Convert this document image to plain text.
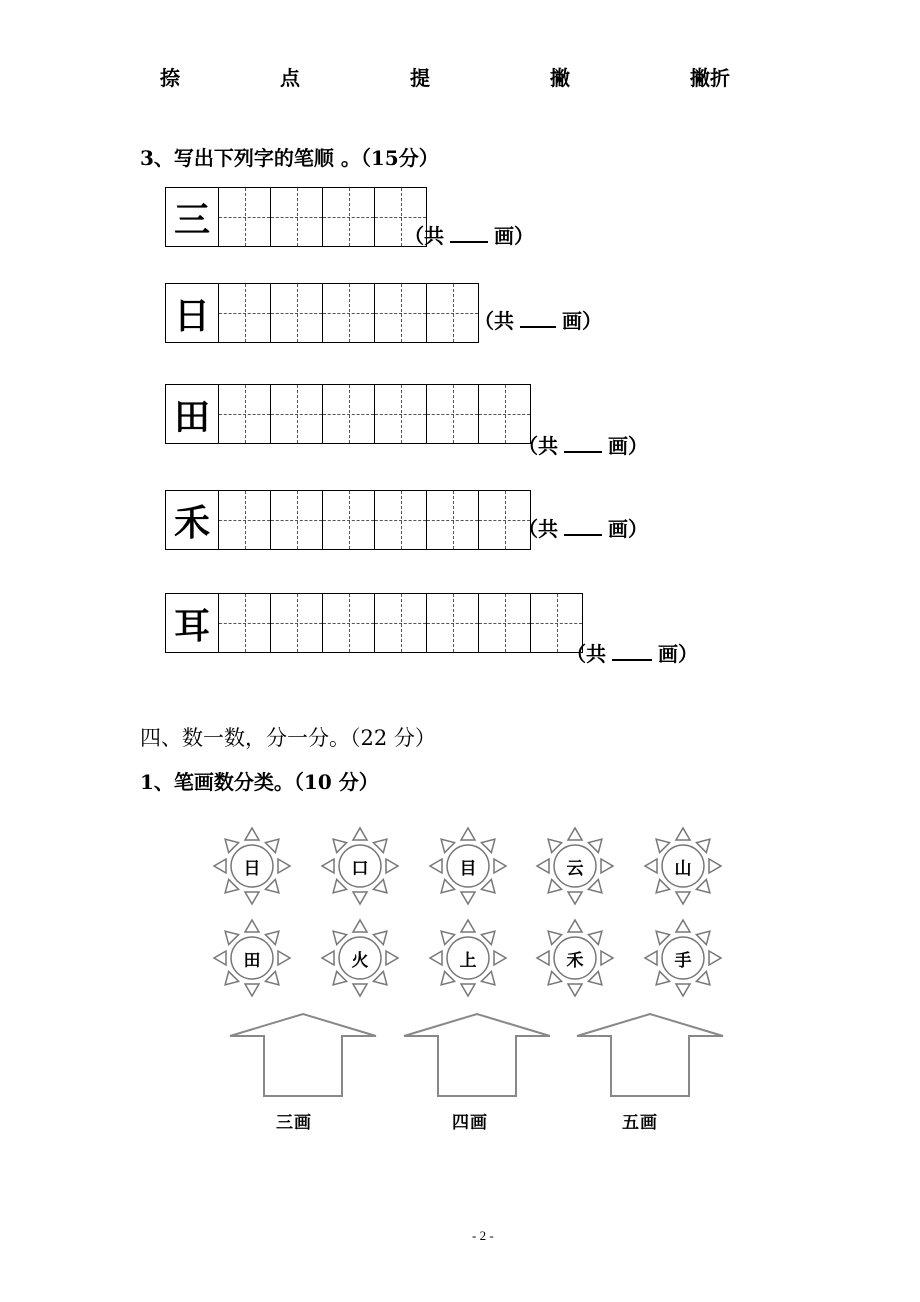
捺	点	提	撇	撇折
3、写出下列字的笔顺 。（15分）
三	（共	画）
日	（共 画）
田
（共	画）
禾	（共	画）
耳
（共	画）
四、数一数，分一分。（22 分）
1、笔画数分类。（10 分）
日	口	目	云	山
田	火	上	禾	手
三画	四画	五画
- 2 -
